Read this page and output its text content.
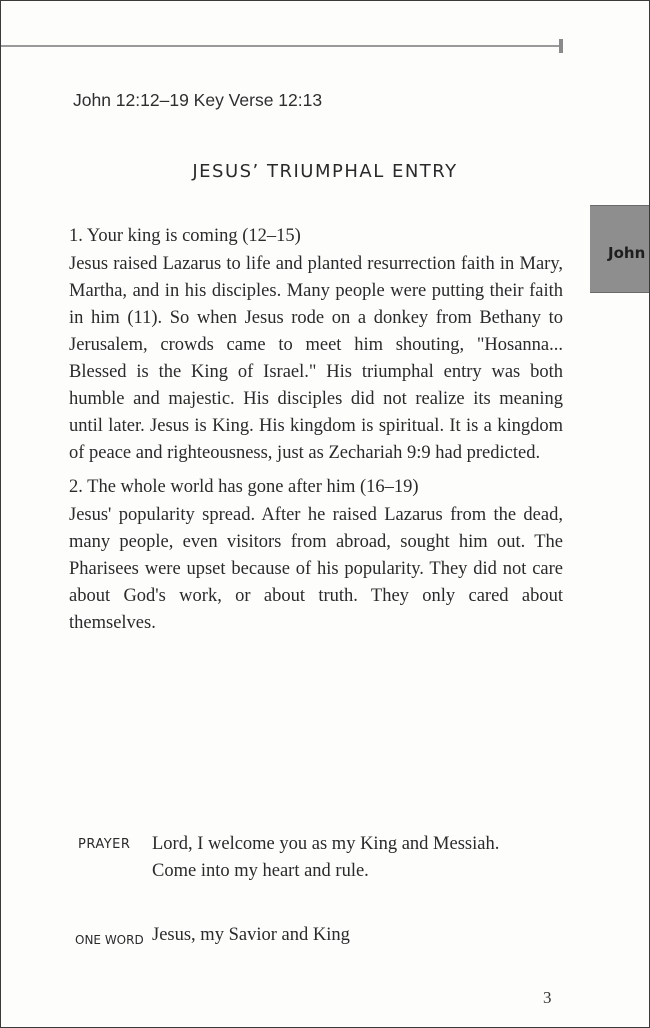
John 12:12–19 Key Verse 12:13
JESUS’ TRIUMPHAL ENTRY
John

1. Your king is coming (12–15)

Jesus raised Lazarus to life and planted resurrection faith in Mary, Martha, and in his disciples. Many people were putting their faith in him (11). So when Jesus rode on a donkey from Bethany to Jerusalem, crowds came to meet him shouting, "Hosanna... Blessed is the King of Israel." His triumphal entry was both humble and majestic. His disciples did not realize its meaning until later. Jesus is King. His kingdom is spiritual. It is a kingdom of peace and righteousness, just as Zechariah 9:9 had predicted.

2. The whole world has gone after him (16–19)

Jesus' popularity spread. After he raised Lazarus from the dead, many people, even visitors from abroad, sought him out. The Pharisees were upset because of his popularity. They did not care about God's work, or about truth. They only cared about themselves.

PRAYER Lord, I welcome you as my King and Messiah.
Come into my heart and rule.
ONE WORD Jesus, my Savior and King
3
